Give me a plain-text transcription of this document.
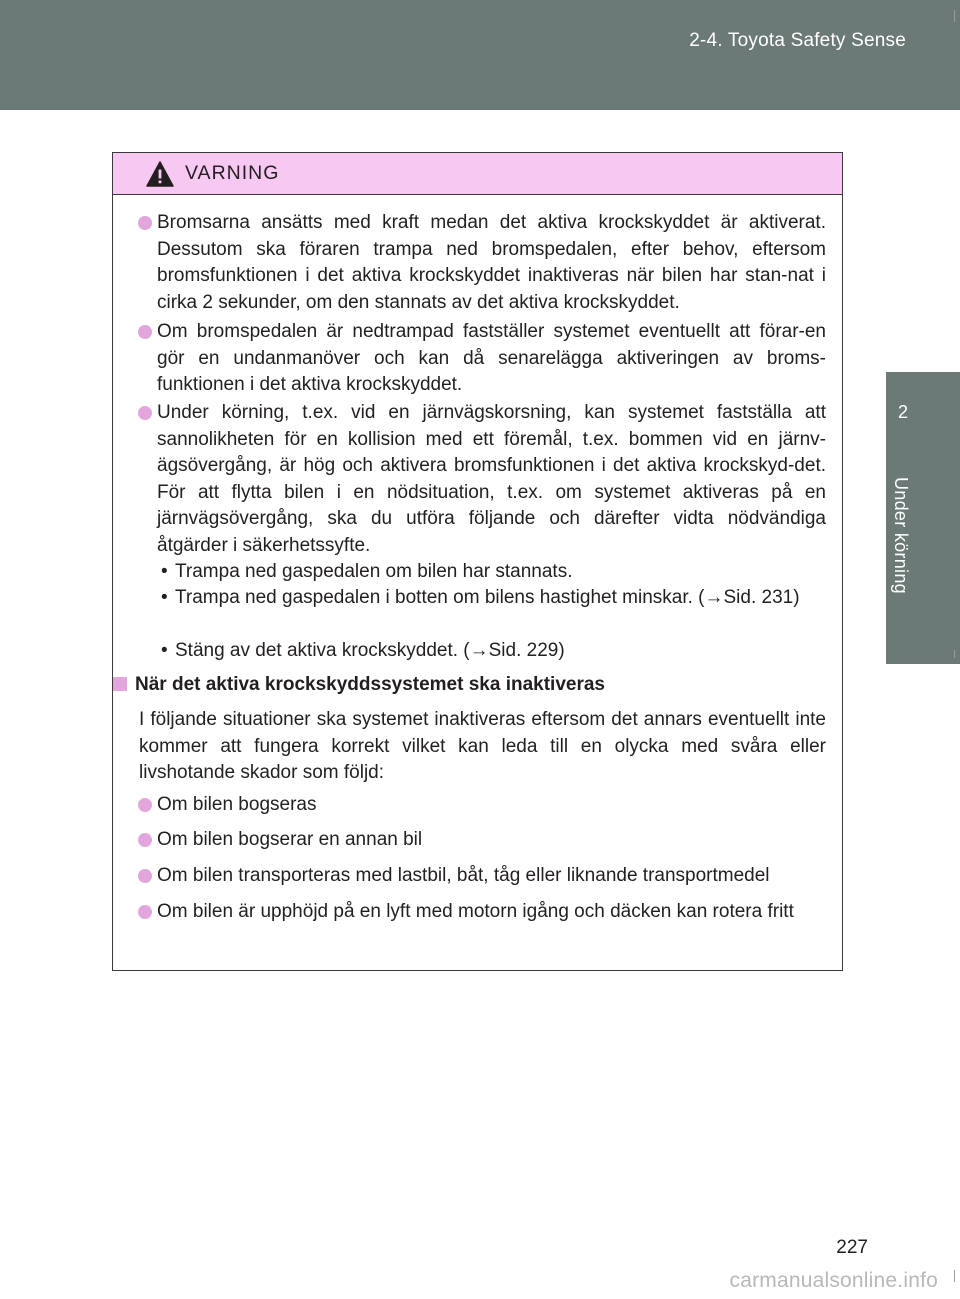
2-4. Toyota Safety Sense
2
Under körning
VARNING
Bromsarna ansätts med kraft medan det aktiva krockskyddet är aktiverat. Dessutom ska föraren trampa ned bromspedalen, efter behov, eftersom bromsfunktionen i det aktiva krockskyddet inaktiveras när bilen har stan-nat i cirka 2 sekunder, om den stannats av det aktiva krockskyddet.
Om bromspedalen är nedtrampad fastställer systemet eventuellt att förar-en gör en undanmanöver och kan då senarelägga aktiveringen av broms-funktionen i det aktiva krockskyddet.
Under körning, t.ex. vid en järnvägskorsning, kan systemet fastställa att sannolikheten för en kollision med ett föremål, t.ex. bommen vid en järnv-ägsövergång, är hög och aktivera bromsfunktionen i det aktiva krockskyd-det. För att flytta bilen i en nödsituation, t.ex. om systemet aktiveras på en järnvägsövergång, ska du utföra följande och därefter vidta nödvändiga åtgärder i säkerhetssyfte.
• Trampa ned gaspedalen om bilen har stannats.
• Trampa ned gaspedalen i botten om bilens hastighet minskar. (→Sid. 231)
• Stäng av det aktiva krockskyddet. (→Sid. 229)
När det aktiva krockskyddssystemet ska inaktiveras
I följande situationer ska systemet inaktiveras eftersom det annars eventuellt inte kommer att fungera korrekt vilket kan leda till en olycka med svåra eller livshotande skador som följd:
Om bilen bogseras
Om bilen bogserar en annan bil
Om bilen transporteras med lastbil, båt, tåg eller liknande transportmedel
Om bilen är upphöjd på en lyft med motorn igång och däcken kan rotera fritt
227
carmanualsonline.info
